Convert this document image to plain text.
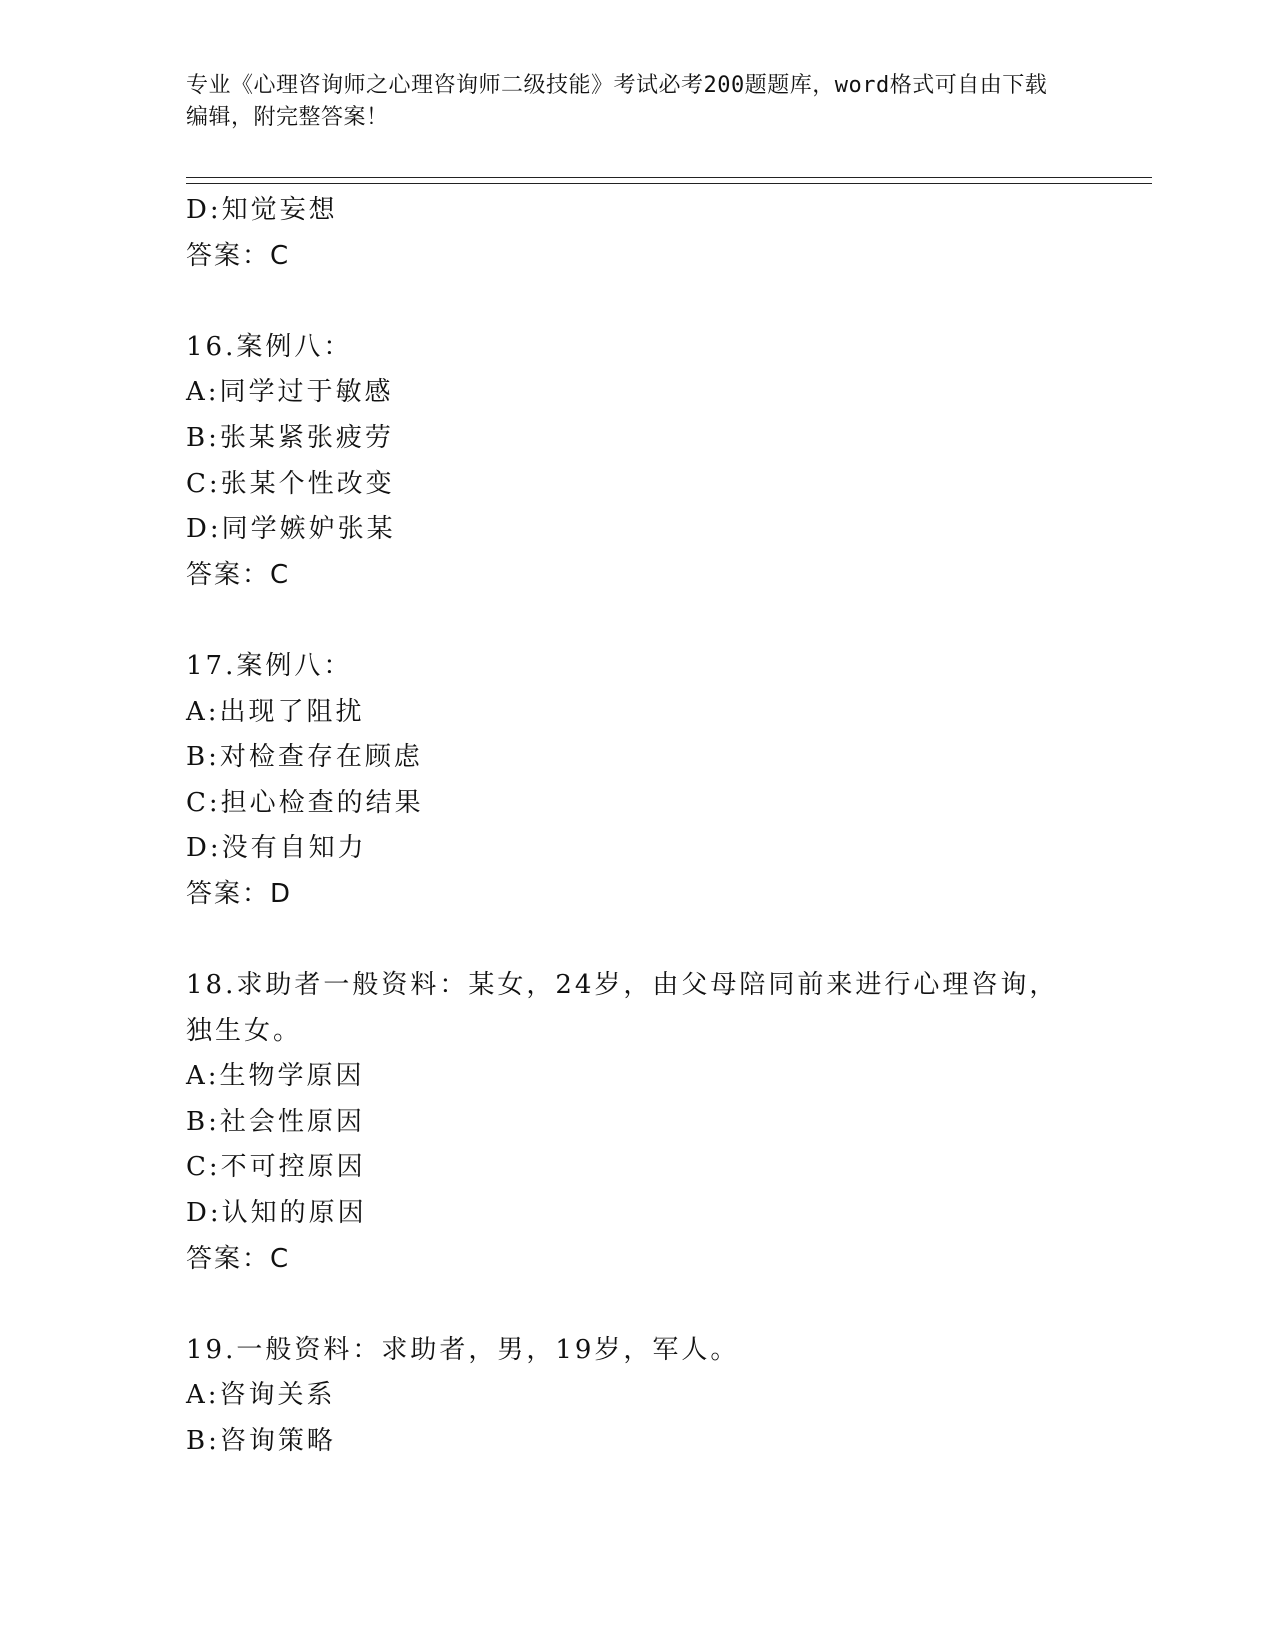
专业《心理咨询师之心理咨询师二级技能》考试必考200题题库，word格式可自由下载编辑，附完整答案！
D:知觉妄想
答案：C
16.案例八：
A:同学过于敏感
B:张某紧张疲劳
C:张某个性改变
D:同学嫉妒张某
答案：C
17.案例八：
A:出现了阻扰
B:对检查存在顾虑
C:担心检查的结果
D:没有自知力
答案：D
18.求助者一般资料：某女，24岁，由父母陪同前来进行心理咨询，独生女。
A:生物学原因
B:社会性原因
C:不可控原因
D:认知的原因
答案：C
19.一般资料：求助者，男，19岁，军人。
A:咨询关系
B:咨询策略
